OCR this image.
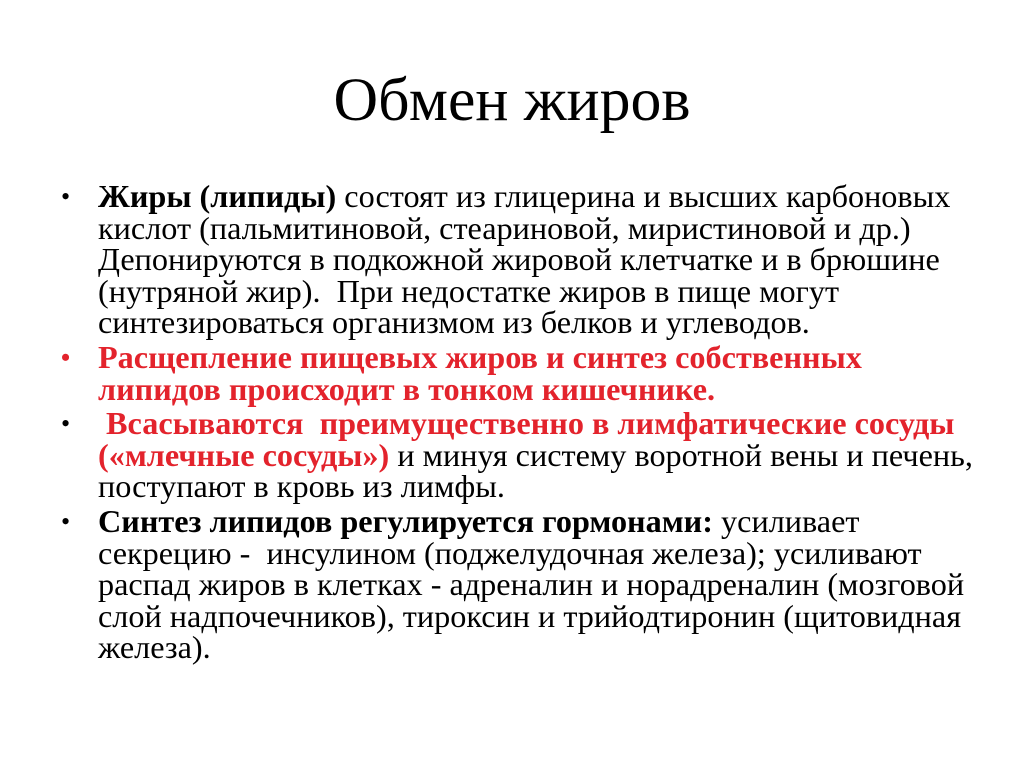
Обмен жиров
• Жиры (липиды) состоят из глицерина и высших карбоновых
кислот (пальмитиновой, стеариновой, миристиновой и др.)
Депонируются в подкожной жировой клетчатке и в брюшине
(нутряной жир).  При недостатке жиров в пище могут
синтезироваться организмом из белков и углеводов.
• Расщепление пищевых жиров и синтез собственных
липидов происходит в тонком кишечнике.
• Всасываются  преимущественно в лимфатические сосуды
(«млечные сосуды») и минуя систему воротной вены и печень,
поступают в кровь из лимфы.
• Синтез липидов регулируется гормонами: усиливает
секрецию -  инсулином (поджелудочная железа); усиливают
распад жиров в клетках - адреналин и норадреналин (мозговой
слой надпочечников), тироксин и трийодтиронин (щитовидная
железа).
